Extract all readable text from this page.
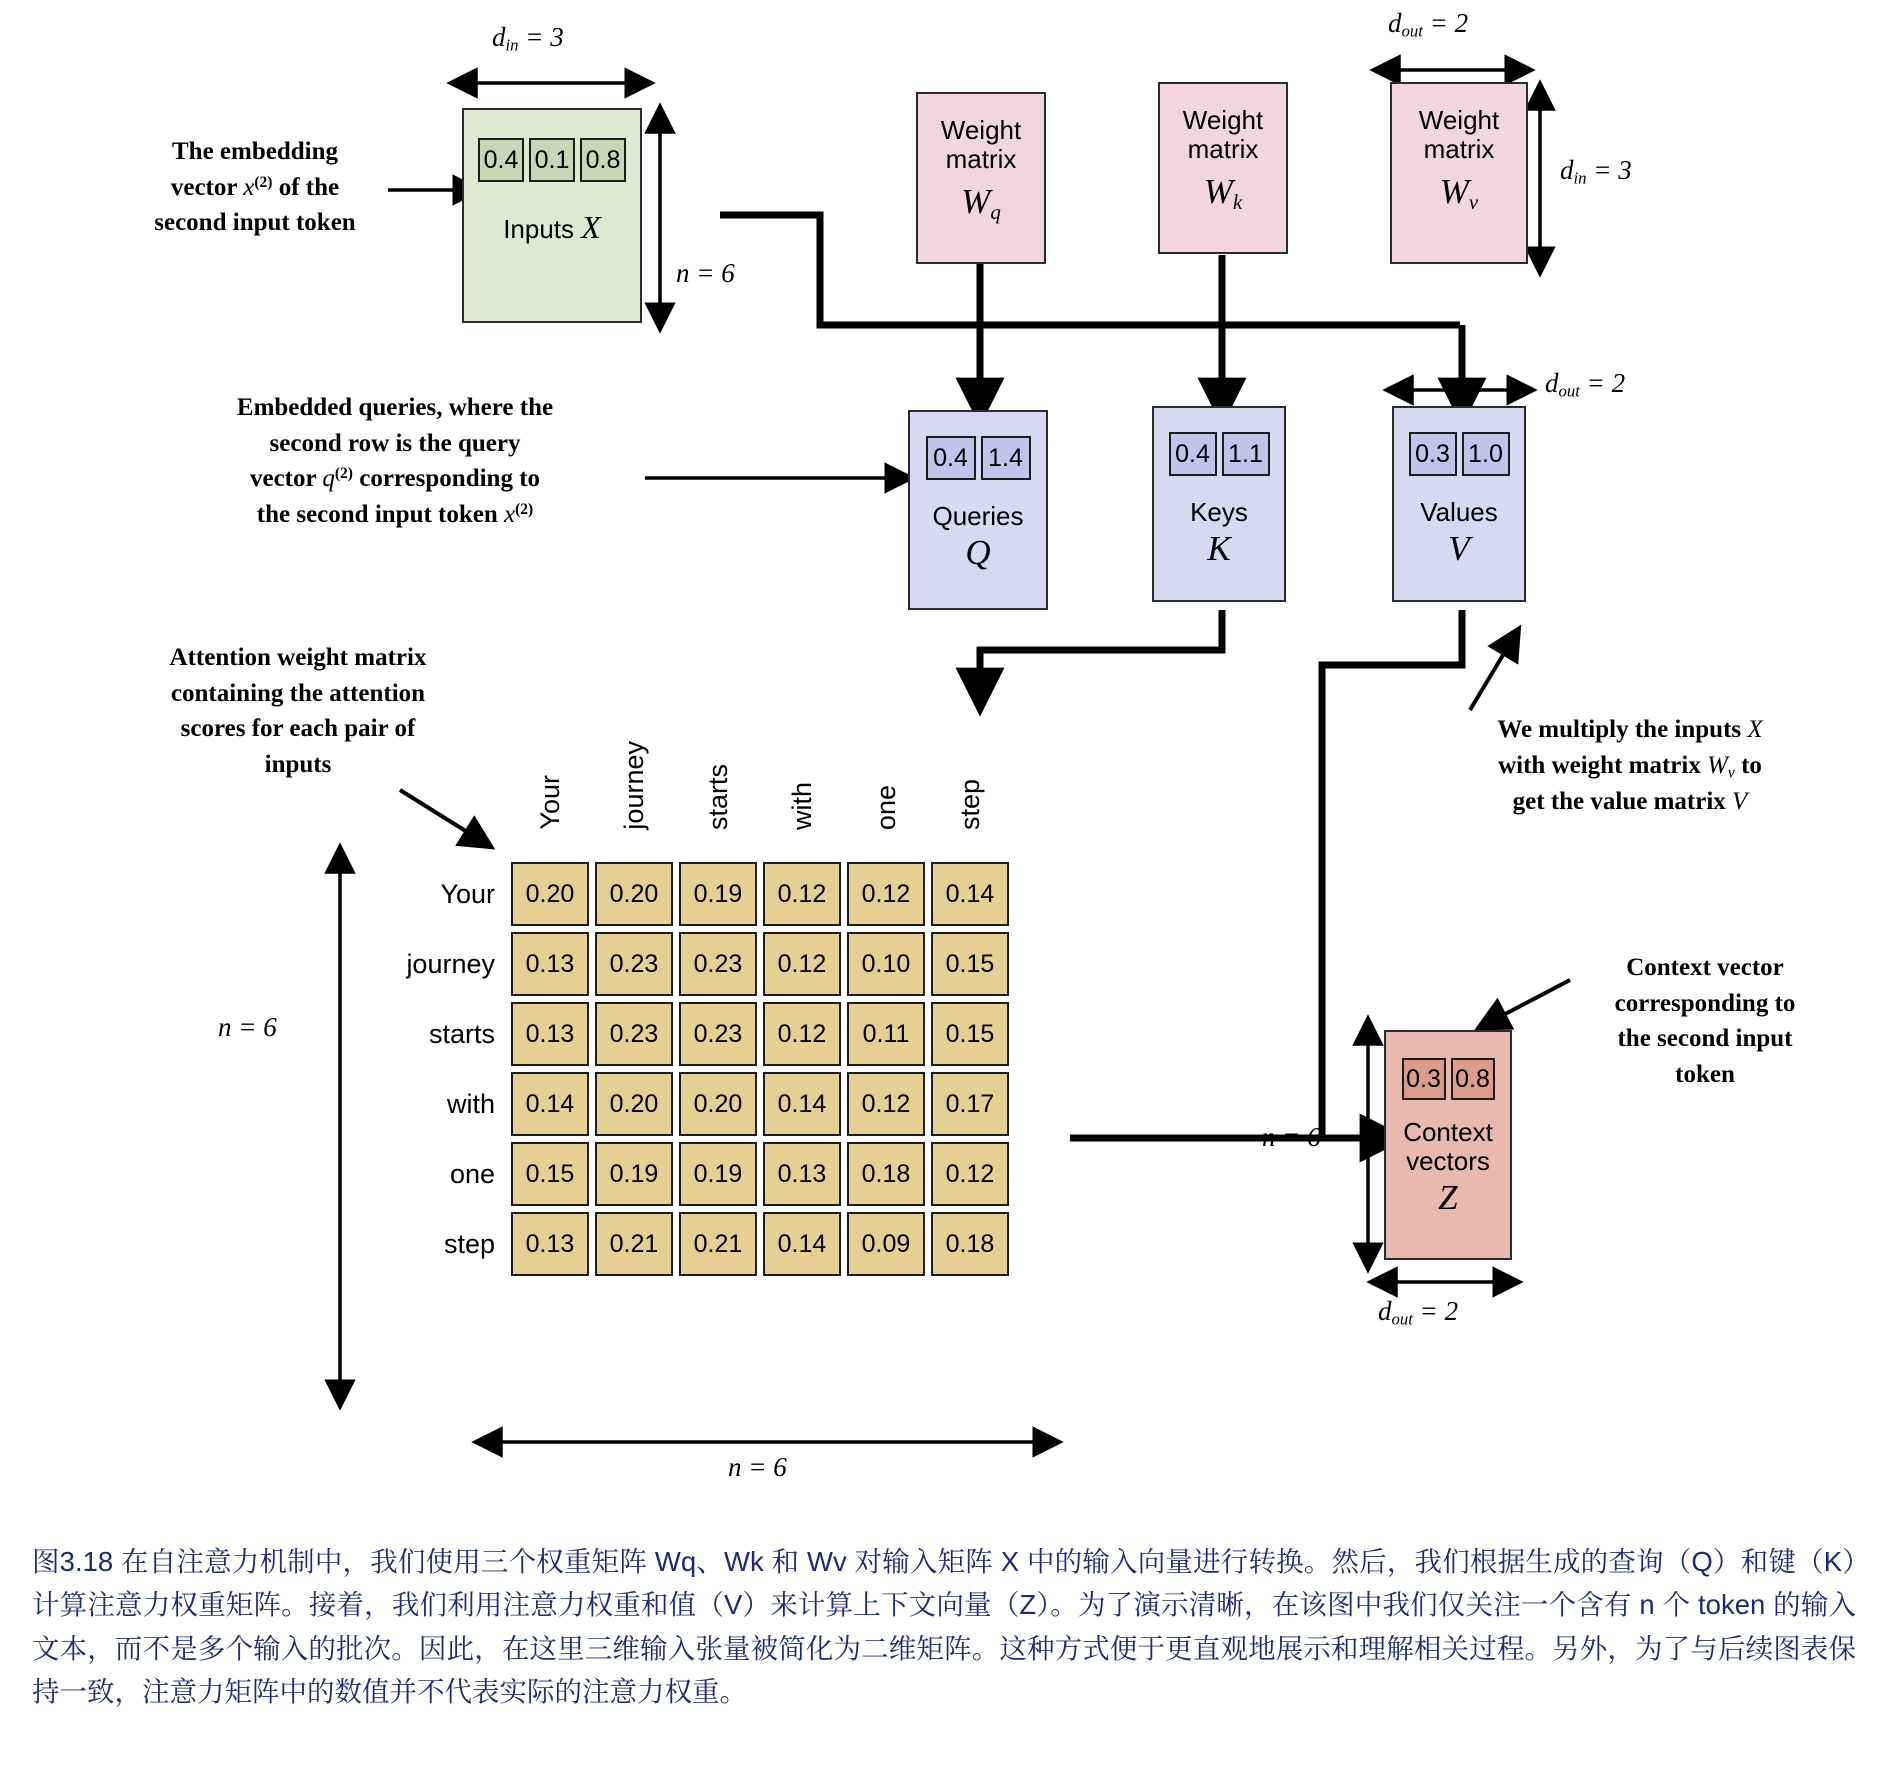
$d_{in} = 3$
n = 6
$d_{out} = 2$
$d_{in} = 3$
$d_{out} = 2$
The embedding
vector $x^{(2)}$ of the
second input token
0.4 0.1 0.8
Inputs X
Weight
matrix
$W_q$
Weight
matrix
$W_k$
Weight
matrix
$W_v$
Embedded queries, where the
second row is the query
vector $q^{(2)}$ corresponding to
the second input token $x^{(2)}$
0.4 1.4
Queries
Q
0.4 1.1
Keys
K
0.3 1.0
Values
V
We multiply the inputs X
with weight matrix $W_v$ to
get the value matrix V
Attention weight matrix
containing the attention
scores for each pair of
inputs
Your journey starts with one step
Your
journey
starts
with
one
step
0.20	0.20	0.19	0.12	0.12	0.14
0.13	0.23	0.23	0.12	0.10	0.15
0.13	0.23	0.23	0.12	0.11	0.15
0.14	0.20	0.20	0.14	0.12	0.17
0.15	0.19	0.19	0.13	0.18	0.12
0.13	0.21	0.21	0.14	0.09	0.18
n = 6
n = 6
0.3 0.8
Context
vectors
Z
n = 6
$d_{out} = 2$
Context vector
corresponding to
the second input
token
图3.18 在自注意力机制中，我们使用三个权重矩阵 Wq、Wk 和 Wv 对输入矩阵 X 中的输入向量进行转换。然后，我们根据生成的查询（Q）和键（K）计算注意力权重矩阵。接着，我们利用注意力权重和值（V）来计算上下文向量（Z）。为了演示清晰，在该图中我们仅关注一个含有 n 个 token 的输入文本，而不是多个输入的批次。因此，在这里三维输入张量被简化为二维矩阵。这种方式便于更直观地展示和理解相关过程。另外，为了与后续图表保持一致，注意力矩阵中的数值并不代表实际的注意力权重。
